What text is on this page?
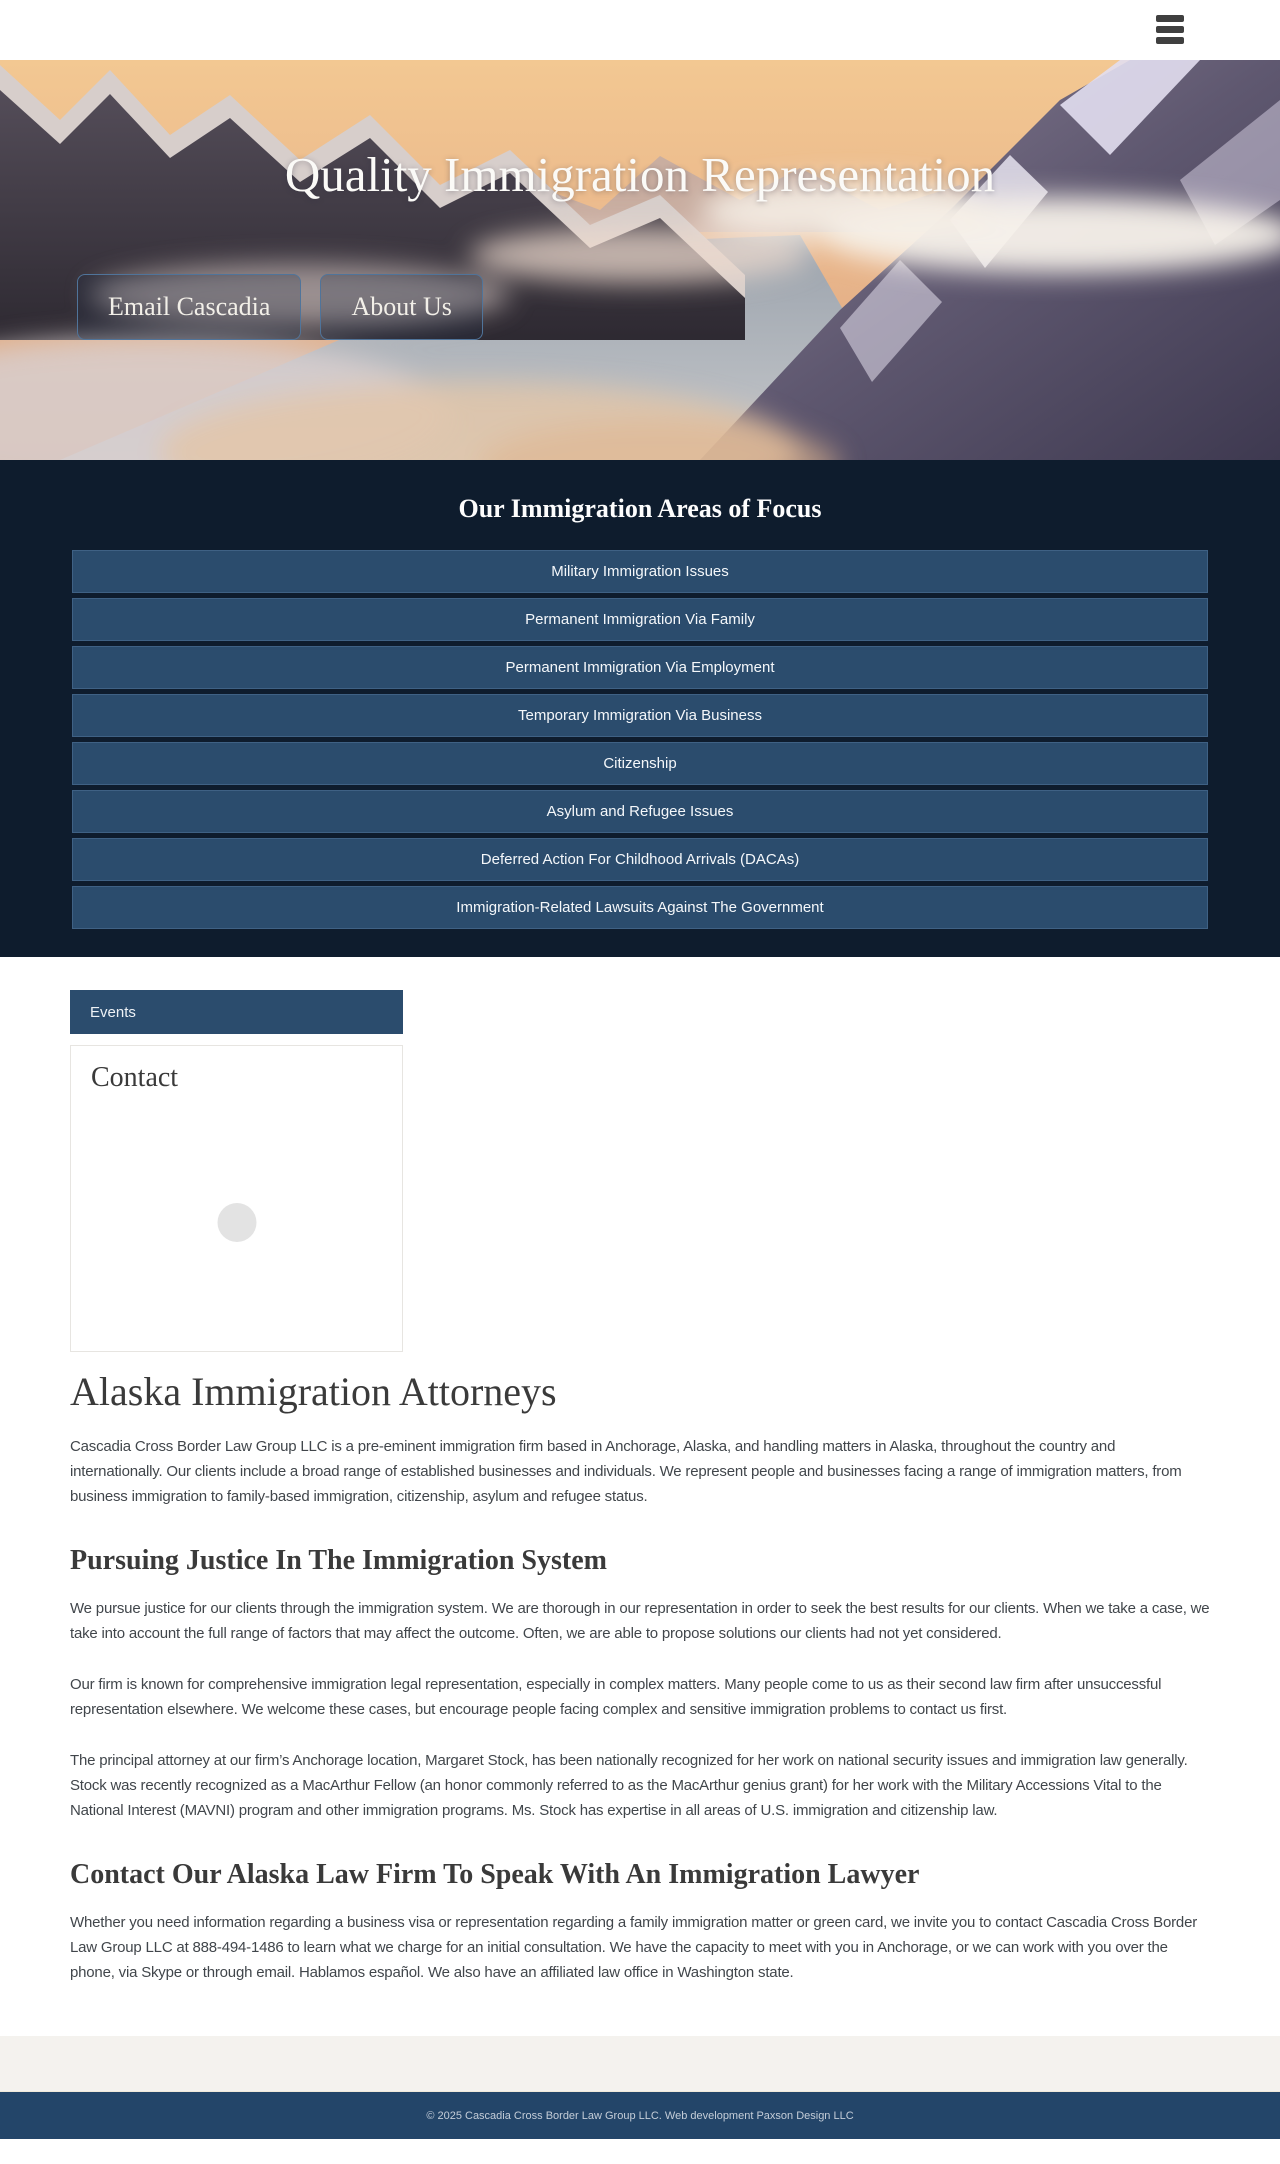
Quality Immigration Representation
Email Cascadia	About Us
Our Immigration Areas of Focus
Military Immigration Issues
Permanent Immigration Via Family
Permanent Immigration Via Employment
Temporary Immigration Via Business
Citizenship
Asylum and Refugee Issues
Deferred Action For Childhood Arrivals (DACAs)
Immigration-Related Lawsuits Against The Government
Events
Contact
Alaska Immigration Attorneys

Cascadia Cross Border Law Group LLC is a pre-eminent immigration firm based in Anchorage, Alaska, and handling matters in Alaska, throughout the country and internationally. Our clients include a broad range of established businesses and individuals. We represent people and businesses facing a range of immigration matters, from business immigration to family-based immigration, citizenship, asylum and refugee status.

Pursuing Justice In The Immigration System

We pursue justice for our clients through the immigration system. We are thorough in our representation in order to seek the best results for our clients. When we take a case, we take into account the full range of factors that may affect the outcome. Often, we are able to propose solutions our clients had not yet considered.

Our firm is known for comprehensive immigration legal representation, especially in complex matters. Many people come to us as their second law firm after unsuccessful representation elsewhere. We welcome these cases, but encourage people facing complex and sensitive immigration problems to contact us first.

The principal attorney at our firm’s Anchorage location, Margaret Stock, has been nationally recognized for her work on national security issues and immigration law generally. Stock was recently recognized as a MacArthur Fellow (an honor commonly referred to as the MacArthur genius grant) for her work with the Military Accessions Vital to the National Interest (MAVNI) program and other immigration programs. Ms. Stock has expertise in all areas of U.S. immigration and citizenship law.

Contact Our Alaska Law Firm To Speak With An Immigration Lawyer

Whether you need information regarding a business visa or representation regarding a family immigration matter or green card, we invite you to contact Cascadia Cross Border Law Group LLC at 888-494-1486 to learn what we charge for an initial consultation. We have the capacity to meet with you in Anchorage, or we can work with you over the phone, via Skype or through email. Hablamos español. We also have an affiliated law office in Washington state.

© 2025 Cascadia Cross Border Law Group LLC. Web development Paxson Design LLC
